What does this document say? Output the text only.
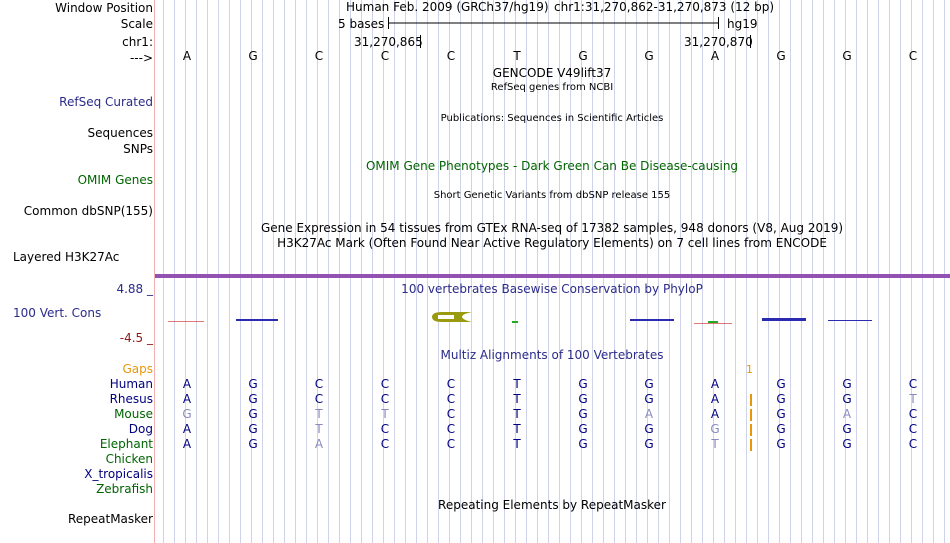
Window Position
Scale
chr1:
--->
Human Feb. 2009 (GRCh37/hg19) chr1:31,270,862-31,270,873 (12 bp)
5 bases	hg19
31,270,865	31,270,870
A	G	C	C	C	T	G	G	A	G	G	C
GENCODE V49lift37
RefSeq genes from NCBI
RefSeq Curated
Publications: Sequences in Scientific Articles
Sequences
SNPs
OMIM Gene Phenotypes - Dark Green Can Be Disease-causing
OMIM Genes
Short Genetic Variants from dbSNP release 155
Common dbSNP(155)
Gene Expression in 54 tissues from GTEx RNA-seq of 17382 samples, 948 donors (V8, Aug 2019)
H3K27Ac Mark (Often Found Near Active Regulatory Elements) on 7 cell lines from ENCODE
Layered H3K27Ac
4.88 _	100 vertebrates Basewise Conservation by PhyloP
100 Vert. Cons
-4.5 _
Multiz Alignments of 100 Vertebrates
Gaps	1
Human	A	G	C	C	C	T	G	G	A	G	G	C
Rhesus	A	G	C	C	C	T	G	G	A	G	G	T
Mouse	G	G	T	T	C	T	G	A	A	G	A	C
Dog	A	G	T	C	C	T	G	G	G	G	G	C
Elephant	A	G	A	C	C	T	G	G	T	G	G	C
Chicken
X_tropicalis
Zebrafish
Repeating Elements by RepeatMasker
RepeatMasker
